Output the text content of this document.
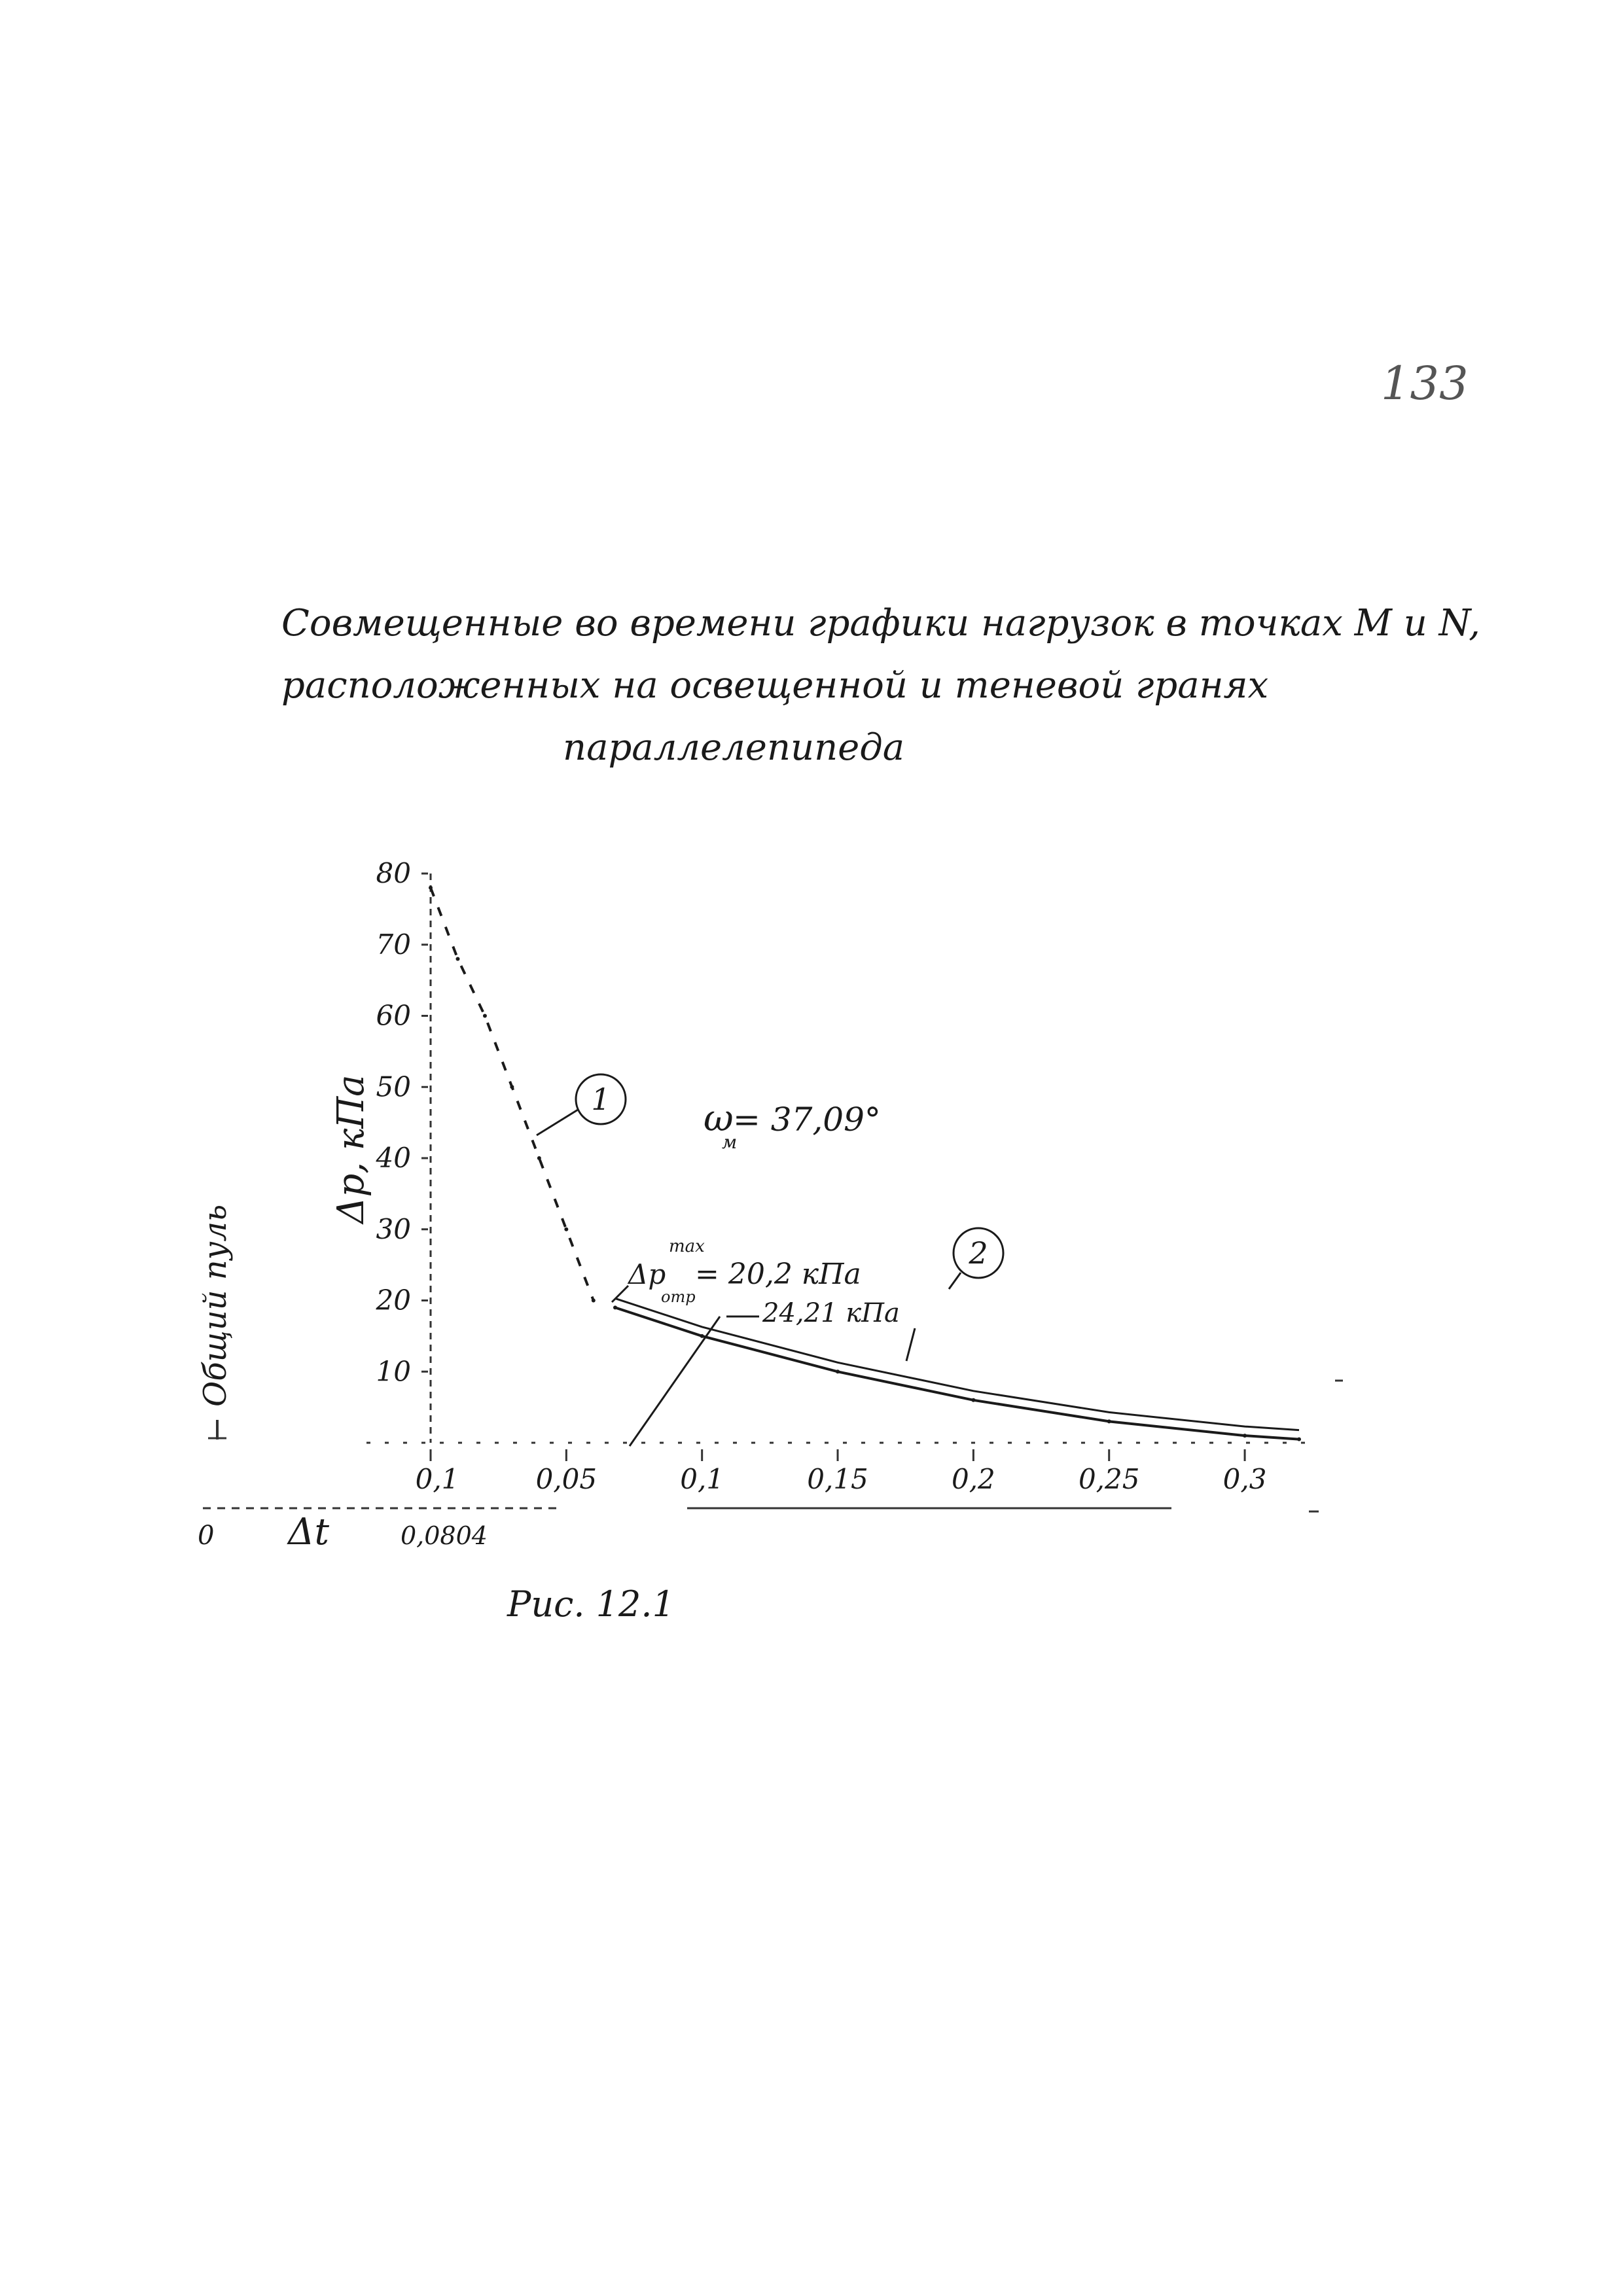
133
Совмещенные во времени графики нагрузок в точках М и N,
расположенных на освещенной и теневой гранях
параллелепипеда
10
20
30
40
50
60
70
80
0,1	0,05	0,1	0,15	0,2	0,25	0,3
Δp, кПа
Общий пуль
1
2
ω
м
= 37,09°
max
Δp
отр
= 20,2 кПа
24,21 кПа
0 Δt	0,0804
Рис. 12.1
